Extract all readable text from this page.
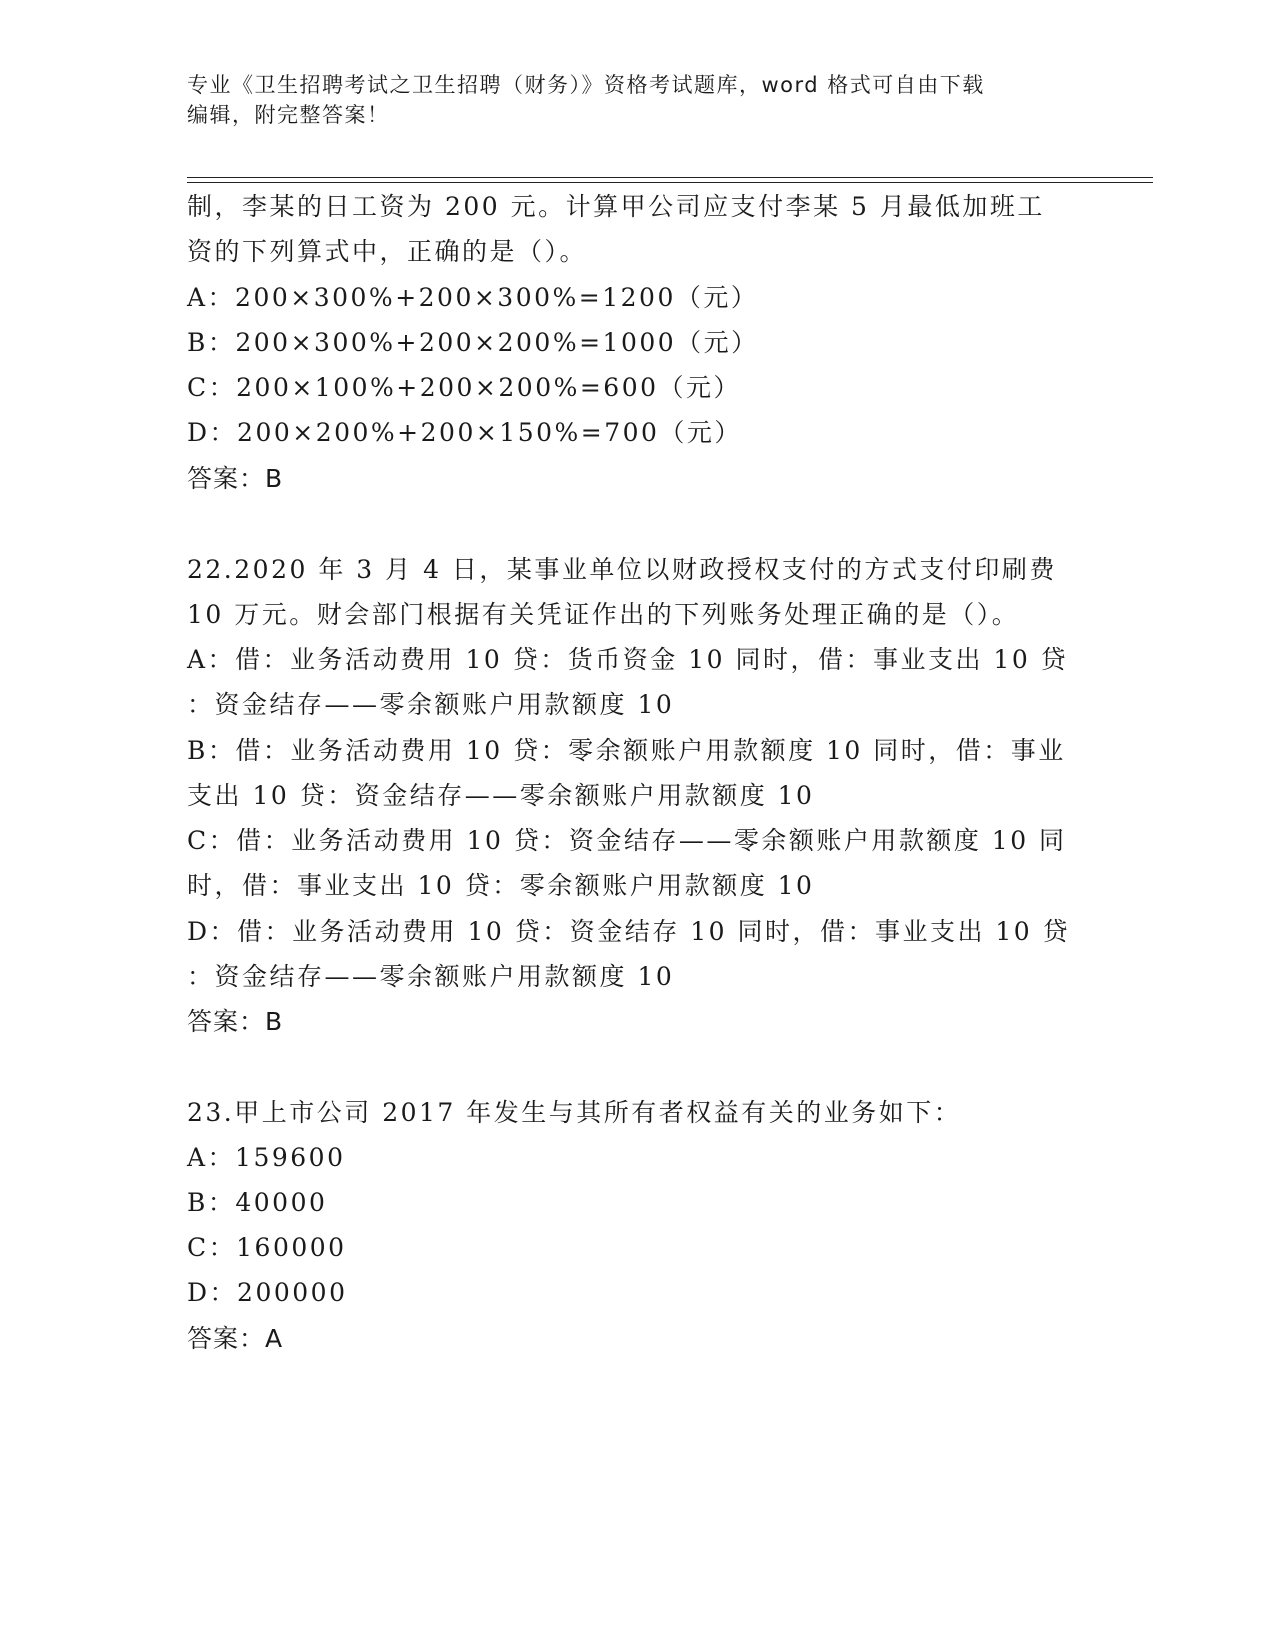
专业《卫生招聘考试之卫生招聘（财务）》资格考试题库，word 格式可自由下载
编辑，附完整答案！
制，李某的日工资为 200 元。计算甲公司应支付李某 5 月最低加班工
资的下列算式中，正确的是（）。
A：200×300%+200×300%=1200（元）
B：200×300%+200×200%=1000（元）
C：200×100%+200×200%=600（元）
D：200×200%+200×150%=700（元）
答案：B
22.2020 年 3 月 4 日，某事业单位以财政授权支付的方式支付印刷费
10 万元。财会部门根据有关凭证作出的下列账务处理正确的是（）。
A：借：业务活动费用 10 贷：货币资金 10 同时，借：事业支出 10 贷
：资金结存——零余额账户用款额度 10
B：借：业务活动费用 10 贷：零余额账户用款额度 10 同时，借：事业
支出 10 贷：资金结存——零余额账户用款额度 10
C：借：业务活动费用 10 贷：资金结存——零余额账户用款额度 10 同
时，借：事业支出 10 贷：零余额账户用款额度 10
D：借：业务活动费用 10 贷：资金结存 10 同时，借：事业支出 10 贷
：资金结存——零余额账户用款额度 10
答案：B
23.甲上市公司 2017 年发生与其所有者权益有关的业务如下：
A：159600
B：40000
C：160000
D：200000
答案：A
